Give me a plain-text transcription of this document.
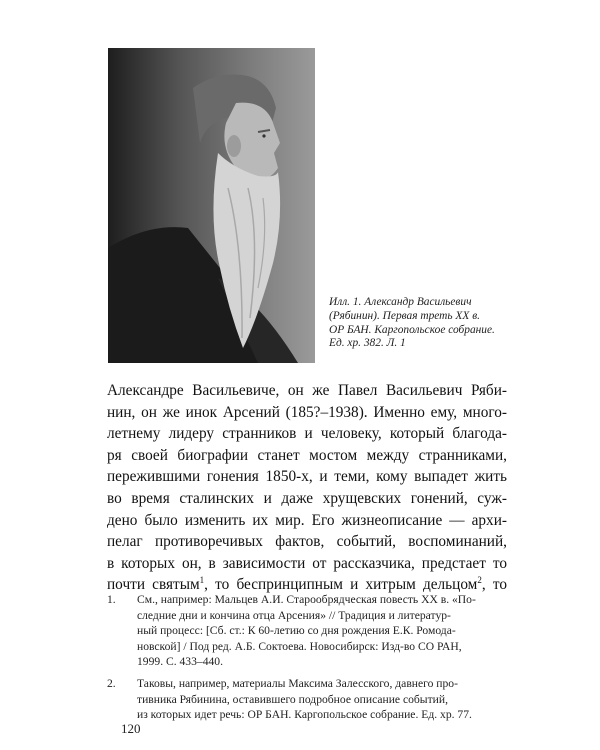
Илл. 1. Александр Васильевич
(Рябинин). Первая треть XX в.
ОР БАН. Каргопольское собрание.
Ед. хр. 382. Л. 1
Александре Васильевиче, он же Павел Васильевич Ряби-
нин, он же инок Арсений (185?–1938). Именно ему, много-
летнему лидеру странников и человеку, который благода-
ря своей биографии станет мостом между странниками,
пережившими гонения 1850-х, и теми, кому выпадет жить
во время сталинских и даже хрущевских гонений, суж-
дено было изменить их мир. Его жизнеописание — архи-
пелаг противоречивых фактов, событий, воспоминаний,
в которых он, в зависимости от рассказчика, предстает то
почти святым$^1$, то беспринципным и хитрым дельцом$^2$, то
1. См., например: Мальцев А.И. Старообрядческая повесть XX в. «По-
следние дни и кончина отца Арсения» // Традиция и литератур-
ный процесс: [Сб. ст.: К 60-летию со дня рождения Е.К. Ромода-
новской] / Под ред. А.Б. Соктоева. Новосибирск: Изд-во СО РАН,
1999. С. 433–440.
2. Таковы, например, материалы Максима Залесского, давнего про-
тивника Рябинина, оставившего подробное описание событий,
из которых идет речь: ОР БАН. Каргопольское собрание. Ед. хр. 77.
120
